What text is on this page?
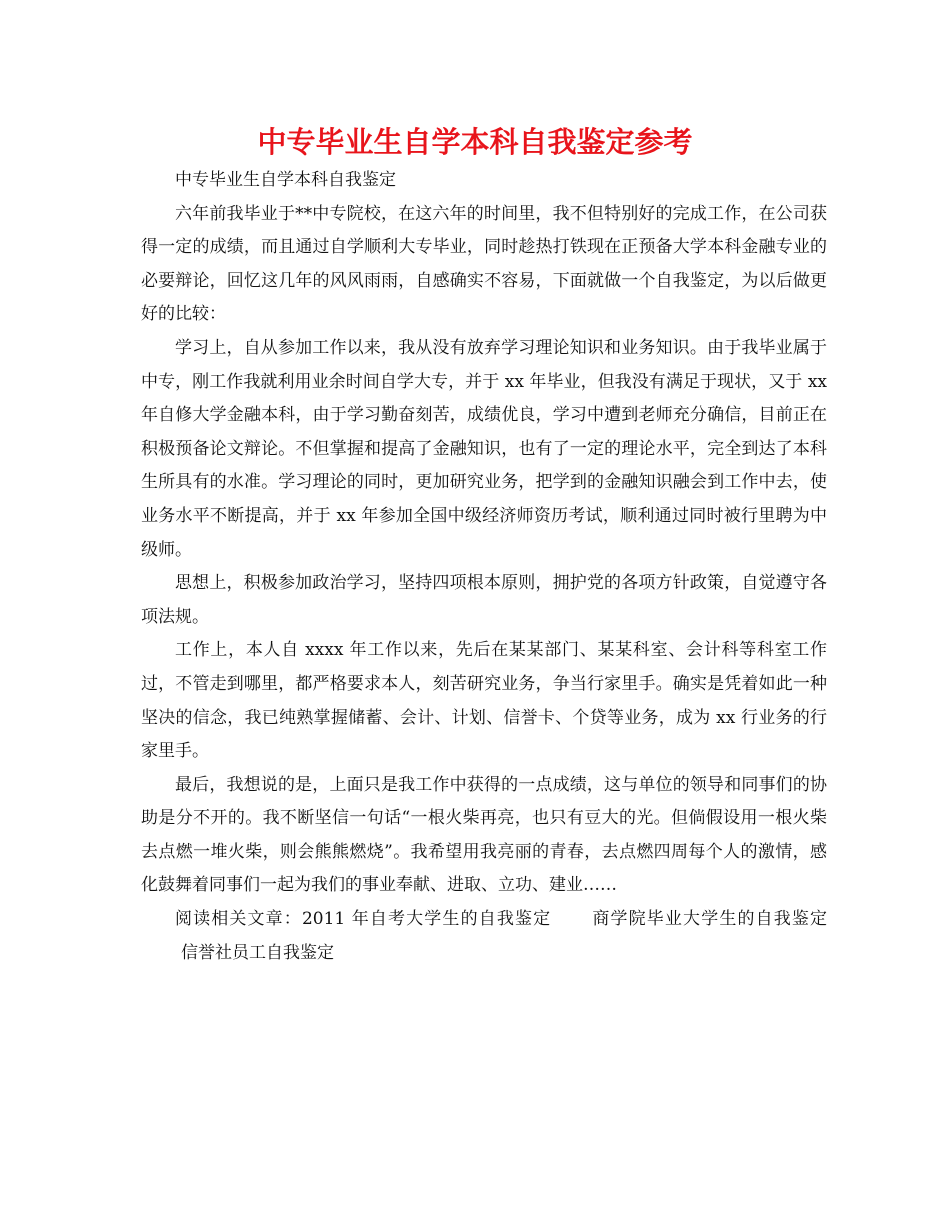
中专毕业生自学本科自我鉴定参考

中专毕业生自学本科自我鉴定

六年前我毕业于**中专院校，在这六年的时间里，我不但特别好的完成工作，在公司获得一定的成绩，而且通过自学顺利大专毕业，同时趁热打铁现在正预备大学本科金融专业的必要辩论，回忆这几年的风风雨雨，自感确实不容易，下面就做一个自我鉴定，为以后做更好的比较：

学习上，自从参加工作以来，我从没有放弃学习理论知识和业务知识。由于我毕业属于中专，刚工作我就利用业余时间自学大专，并于 xx 年毕业，但我没有满足于现状，又于 xx 年自修大学金融本科，由于学习勤奋刻苦，成绩优良，学习中遭到老师充分确信，目前正在积极预备论文辩论。不但掌握和提高了金融知识，也有了一定的理论水平，完全到达了本科生所具有的水准。学习理论的同时，更加研究业务，把学到的金融知识融会到工作中去，使业务水平不断提高，并于 xx 年参加全国中级经济师资历考试，顺利通过同时被行里聘为中级师。

思想上，积极参加政治学习，坚持四项根本原则，拥护党的各项方针政策，自觉遵守各项法规。

工作上，本人自 xxxx 年工作以来，先后在某某部门、某某科室、会计科等科室工作过，不管走到哪里，都严格要求本人，刻苦研究业务，争当行家里手。确实是凭着如此一种坚决的信念，我已纯熟掌握储蓄、会计、计划、信誉卡、个贷等业务，成为 xx 行业务的行家里手。

最后，我想说的是，上面只是我工作中获得的一点成绩，这与单位的领导和同事们的协助是分不开的。我不断坚信一句话“一根火柴再亮，也只有豆大的光。但倘假设用一根火柴去点燃一堆火柴，则会熊熊燃烧”。我希望用我亮丽的青春，去点燃四周每个人的激情，感化鼓舞着同事们一起为我们的事业奉献、进取、立功、建业……

阅读相关文章：2011 年自考大学生的自我鉴定 商学院毕业大学生的自我鉴定信誉社员工自我鉴定
